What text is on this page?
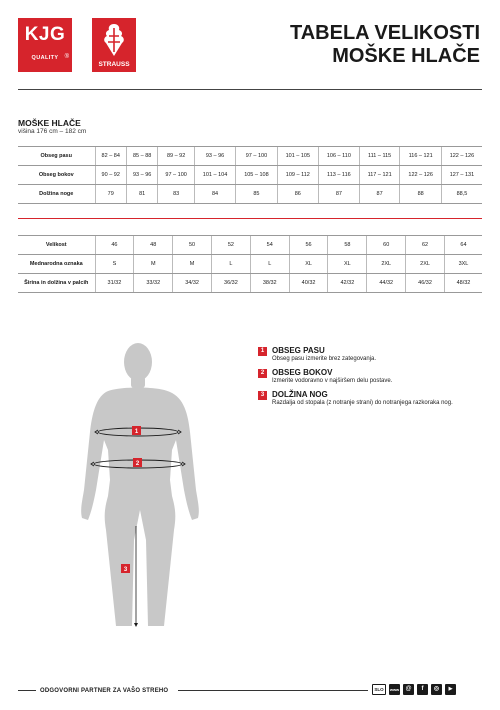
KJG
QUALITY	®
STRAUSS
TABELA VELIKOSTI
MOŠKE HLAČE
MOŠKE HLAČE
višina 176 cm – 182 cm
Obseg pasu	82 – 84	85 – 88	89 – 92	93 – 96	97 – 100	101 – 105	106 – 110	111 – 115	116 – 121	122 – 126
Obseg bokov	90 – 92	93 – 96	97 – 100	101 – 104	105 – 108	109 – 112	113 – 116	117 – 121	122 – 126	127 – 131
Dolžina noge	79	81	83	84	85	86	87	87	88	88,5
Velikost	46	48	50	52	54	56	58	60	62	64
Mednarodna oznaka	S	M	M	L	L	XL	XL	2XL	2XL	3XL
Širina in dolžina v palcih	31/32	33/32	34/32	36/32	38/32	40/32	42/32	44/32	46/32	48/32
1
2
3
1 OBSEG PASU
Obseg pasu izmerite brez zategovanja.
2 OBSEG BOKOV
Izmerite vodoravno v najširšem delu postave.
3 DOLŽINA NOG
Razdalja od stopala (z notranje strani) do notranjega razkoraka nog.
ODGOVORNI PARTNER ZA VAŠO STREHO	SLO	www	@	f	◎	▶
